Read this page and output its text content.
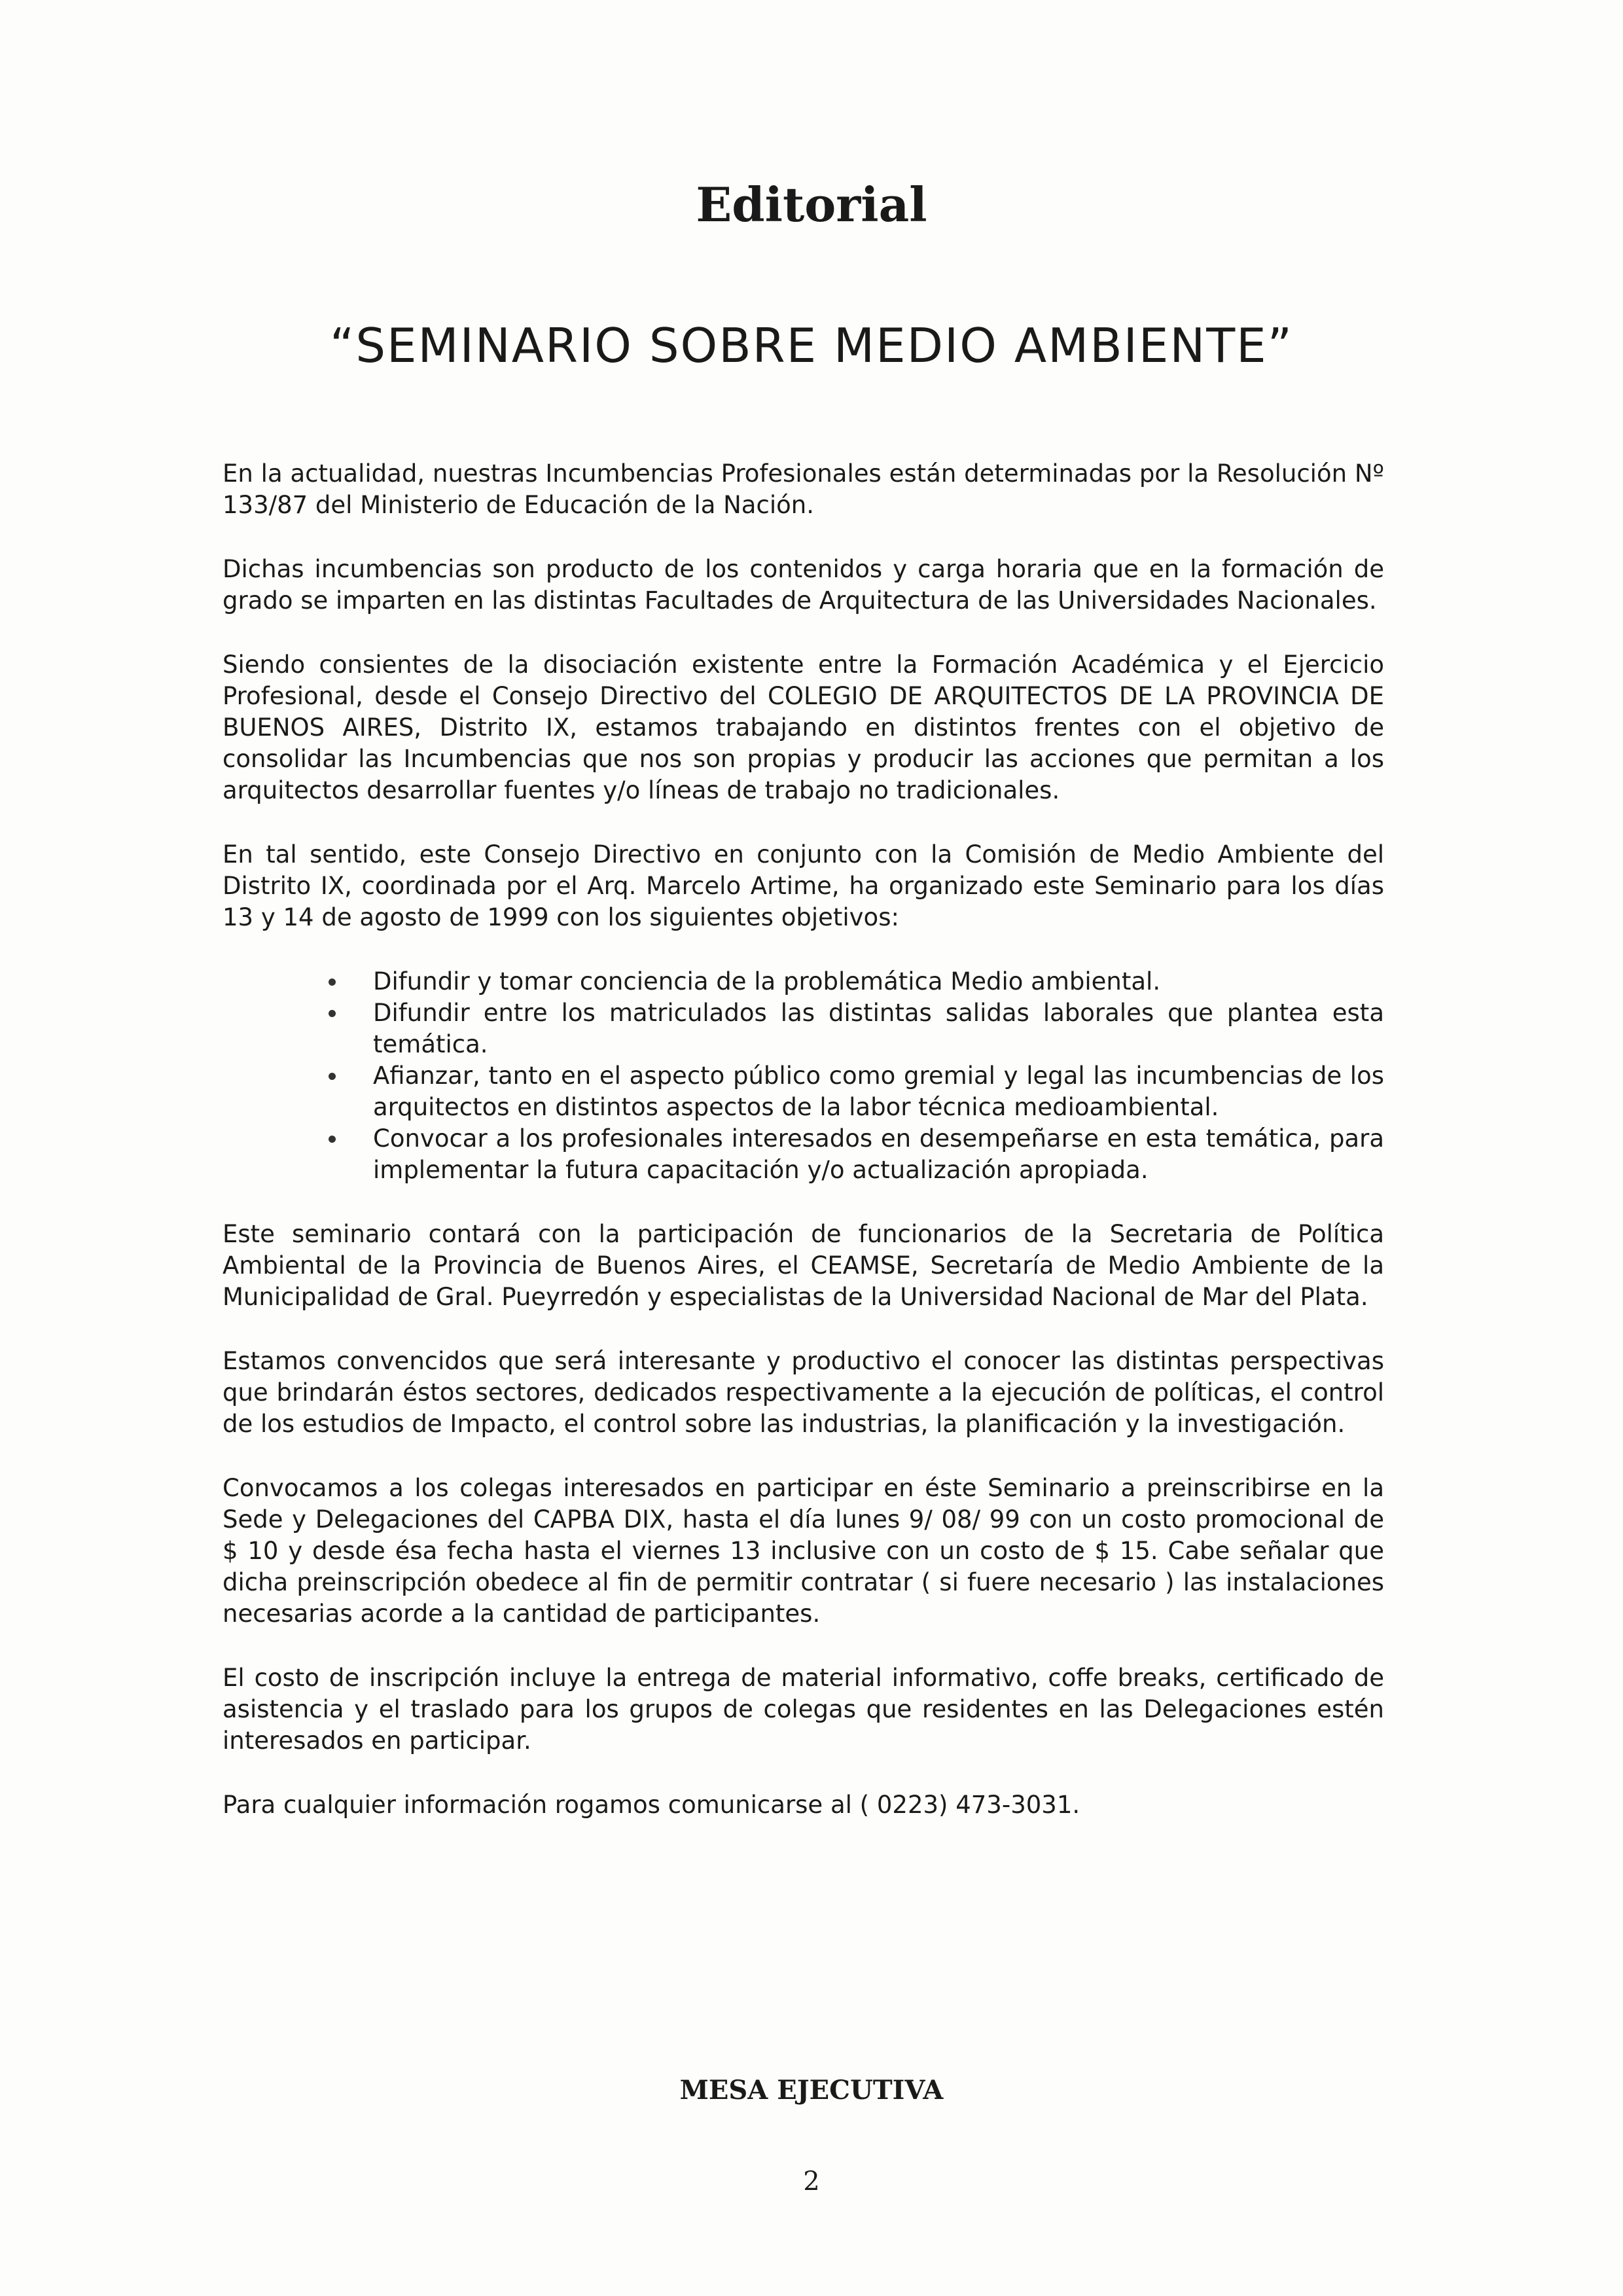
Editorial
“SEMINARIO SOBRE MEDIO AMBIENTE”

En la actualidad, nuestras Incumbencias Profesionales están determinadas por la Resolución Nº 133/87 del Ministerio de Educación de la Nación.

Dichas incumbencias son producto de los contenidos y carga horaria que en la formación de grado se imparten en las distintas Facultades de Arquitectura de las Universidades Nacionales.

Siendo consientes de la disociación existente entre la Formación Académica y el Ejercicio Profesional, desde el Consejo Directivo del COLEGIO DE ARQUITECTOS DE LA PROVINCIA DE BUENOS AIRES, Distrito IX, estamos trabajando en distintos frentes con el objetivo de consolidar las Incumbencias que nos son propias y producir las acciones que permitan a los arquitectos desarrollar fuentes y/o líneas de trabajo no tradicionales.

En tal sentido, este Consejo Directivo en conjunto con la Comisión de Medio Ambiente del Distrito IX, coordinada por el Arq. Marcelo Artime, ha organizado este Seminario para los días 13 y 14 de agosto de 1999 con los siguientes objetivos:

Difundir y tomar conciencia de la problemática Medio ambiental.
Difundir entre los matriculados las distintas salidas laborales que plantea esta temática.
Afianzar, tanto en el aspecto público como gremial y legal las incumbencias de los arquitectos en distintos aspectos de la labor técnica medioambiental.
Convocar a los profesionales interesados en desempeñarse en esta temática, para implementar la futura capacitación y/o actualización apropiada.

Este seminario contará con la participación de funcionarios de la Secretaria de Política Ambiental de la Provincia de Buenos Aires, el CEAMSE, Secretaría de Medio Ambiente de la Municipalidad de Gral. Pueyrredón y especialistas de la Universidad Nacional de Mar del Plata.

Estamos convencidos que será interesante y productivo el conocer las distintas perspectivas que brindarán éstos sectores, dedicados respectivamente a la ejecución de políticas, el control de los estudios de Impacto, el control sobre las industrias, la planificación y la investigación.

Convocamos a los colegas interesados en participar en éste Seminario a preinscribirse en la Sede y Delegaciones del CAPBA DIX, hasta el día lunes 9/ 08/ 99 con un costo promocional de $ 10 y desde ésa fecha hasta el viernes 13 inclusive con un costo de $ 15. Cabe señalar que dicha preinscripción obedece al fin de permitir contratar ( si fuere necesario ) las instalaciones necesarias acorde a la cantidad de participantes.

El costo de inscripción incluye la entrega de material informativo, coffe breaks, certificado de asistencia y el traslado para los grupos de colegas que residentes en las Delegaciones estén interesados en participar.

Para cualquier información rogamos comunicarse al ( 0223) 473-3031.

MESA EJECUTIVA
2
